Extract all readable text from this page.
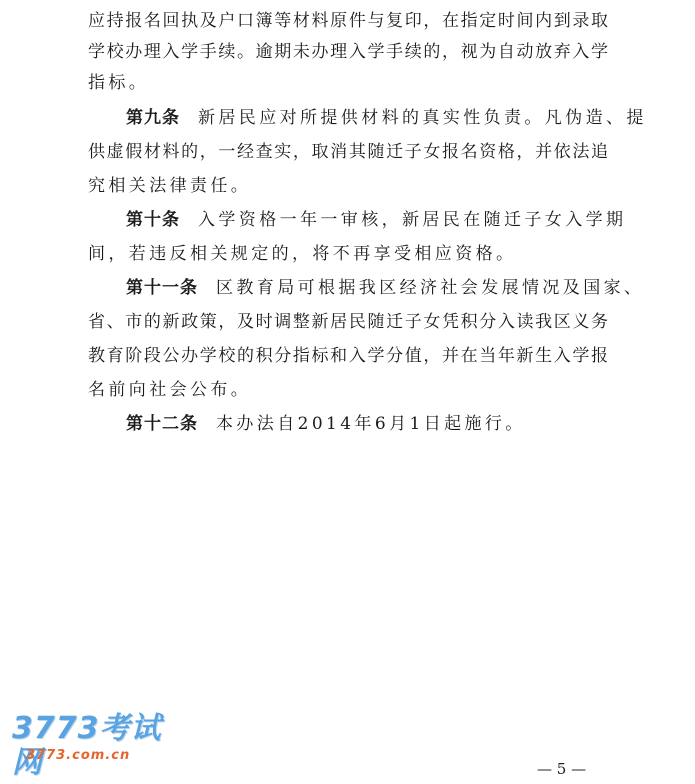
应持报名回执及户口簿等材料原件与复印，在指定时间内到录取
学校办理入学手续。逾期未办理入学手续的，视为自动放弃入学
指标。
第九条 新居民应对所提供材料的真实性负责。凡伪造、提
供虚假材料的，一经查实，取消其随迁子女报名资格，并依法追
究相关法律责任。
第十条 入学资格一年一审核，新居民在随迁子女入学期
间，若违反相关规定的，将不再享受相应资格。
第十一条 区教育局可根据我区经济社会发展情况及国家、
省、市的新政策，及时调整新居民随迁子女凭积分入读我区义务
教育阶段公办学校的积分指标和入学分值，并在当年新生入学报
名前向社会公布。
第十二条 本办法自2014年6月1日起施行。
3773考试网
3773.com.cn
— 5 —
